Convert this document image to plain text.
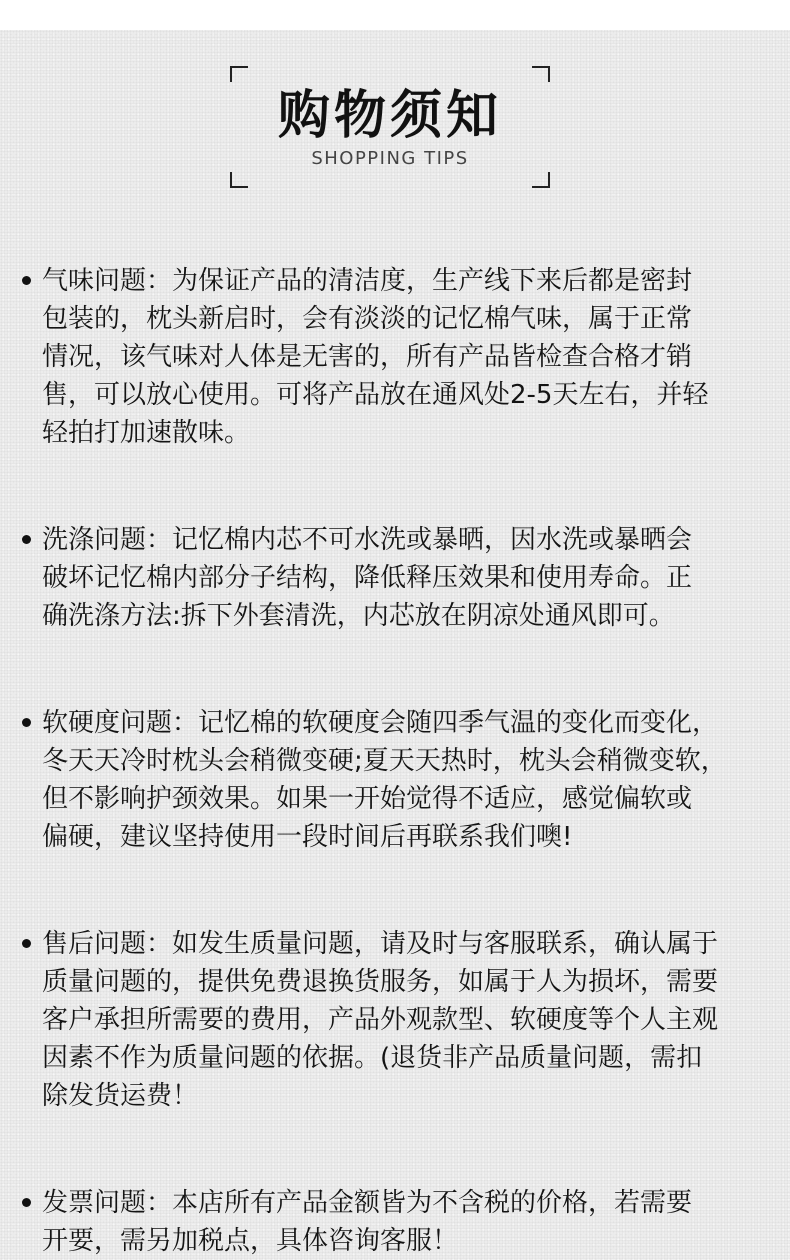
购物须知
SHOPPING TIPS
气味问题：为保证产品的清洁度，生产线下来后都是密封
包装的，枕头新启时，会有淡淡的记忆棉气味，属于正常
情况，该气味对人体是无害的，所有产品皆检查合格才销
售，可以放心使用。可将产品放在通风处2-5天左右，并轻
轻拍打加速散味。
洗涤问题：记忆棉内芯不可水洗或暴晒，因水洗或暴晒会
破坏记忆棉内部分子结构，降低释压效果和使用寿命。正
确洗涤方法:拆下外套清洗，内芯放在阴凉处通风即可。
软硬度问题：记忆棉的软硬度会随四季气温的变化而变化，
冬天天冷时枕头会稍微变硬;夏天天热时，枕头会稍微变软，
但不影响护颈效果。如果一开始觉得不适应，感觉偏软或
偏硬，建议坚持使用一段时间后再联系我们噢!
售后问题：如发生质量问题，请及时与客服联系，确认属于
质量问题的，提供免费退换货服务，如属于人为损坏，需要
客户承担所需要的费用，产品外观款型、软硬度等个人主观
因素不作为质量问题的依据。(退货非产品质量问题，需扣
除发货运费！
发票问题：本店所有产品金额皆为不含税的价格，若需要
开要，需另加税点，具体咨询客服！
